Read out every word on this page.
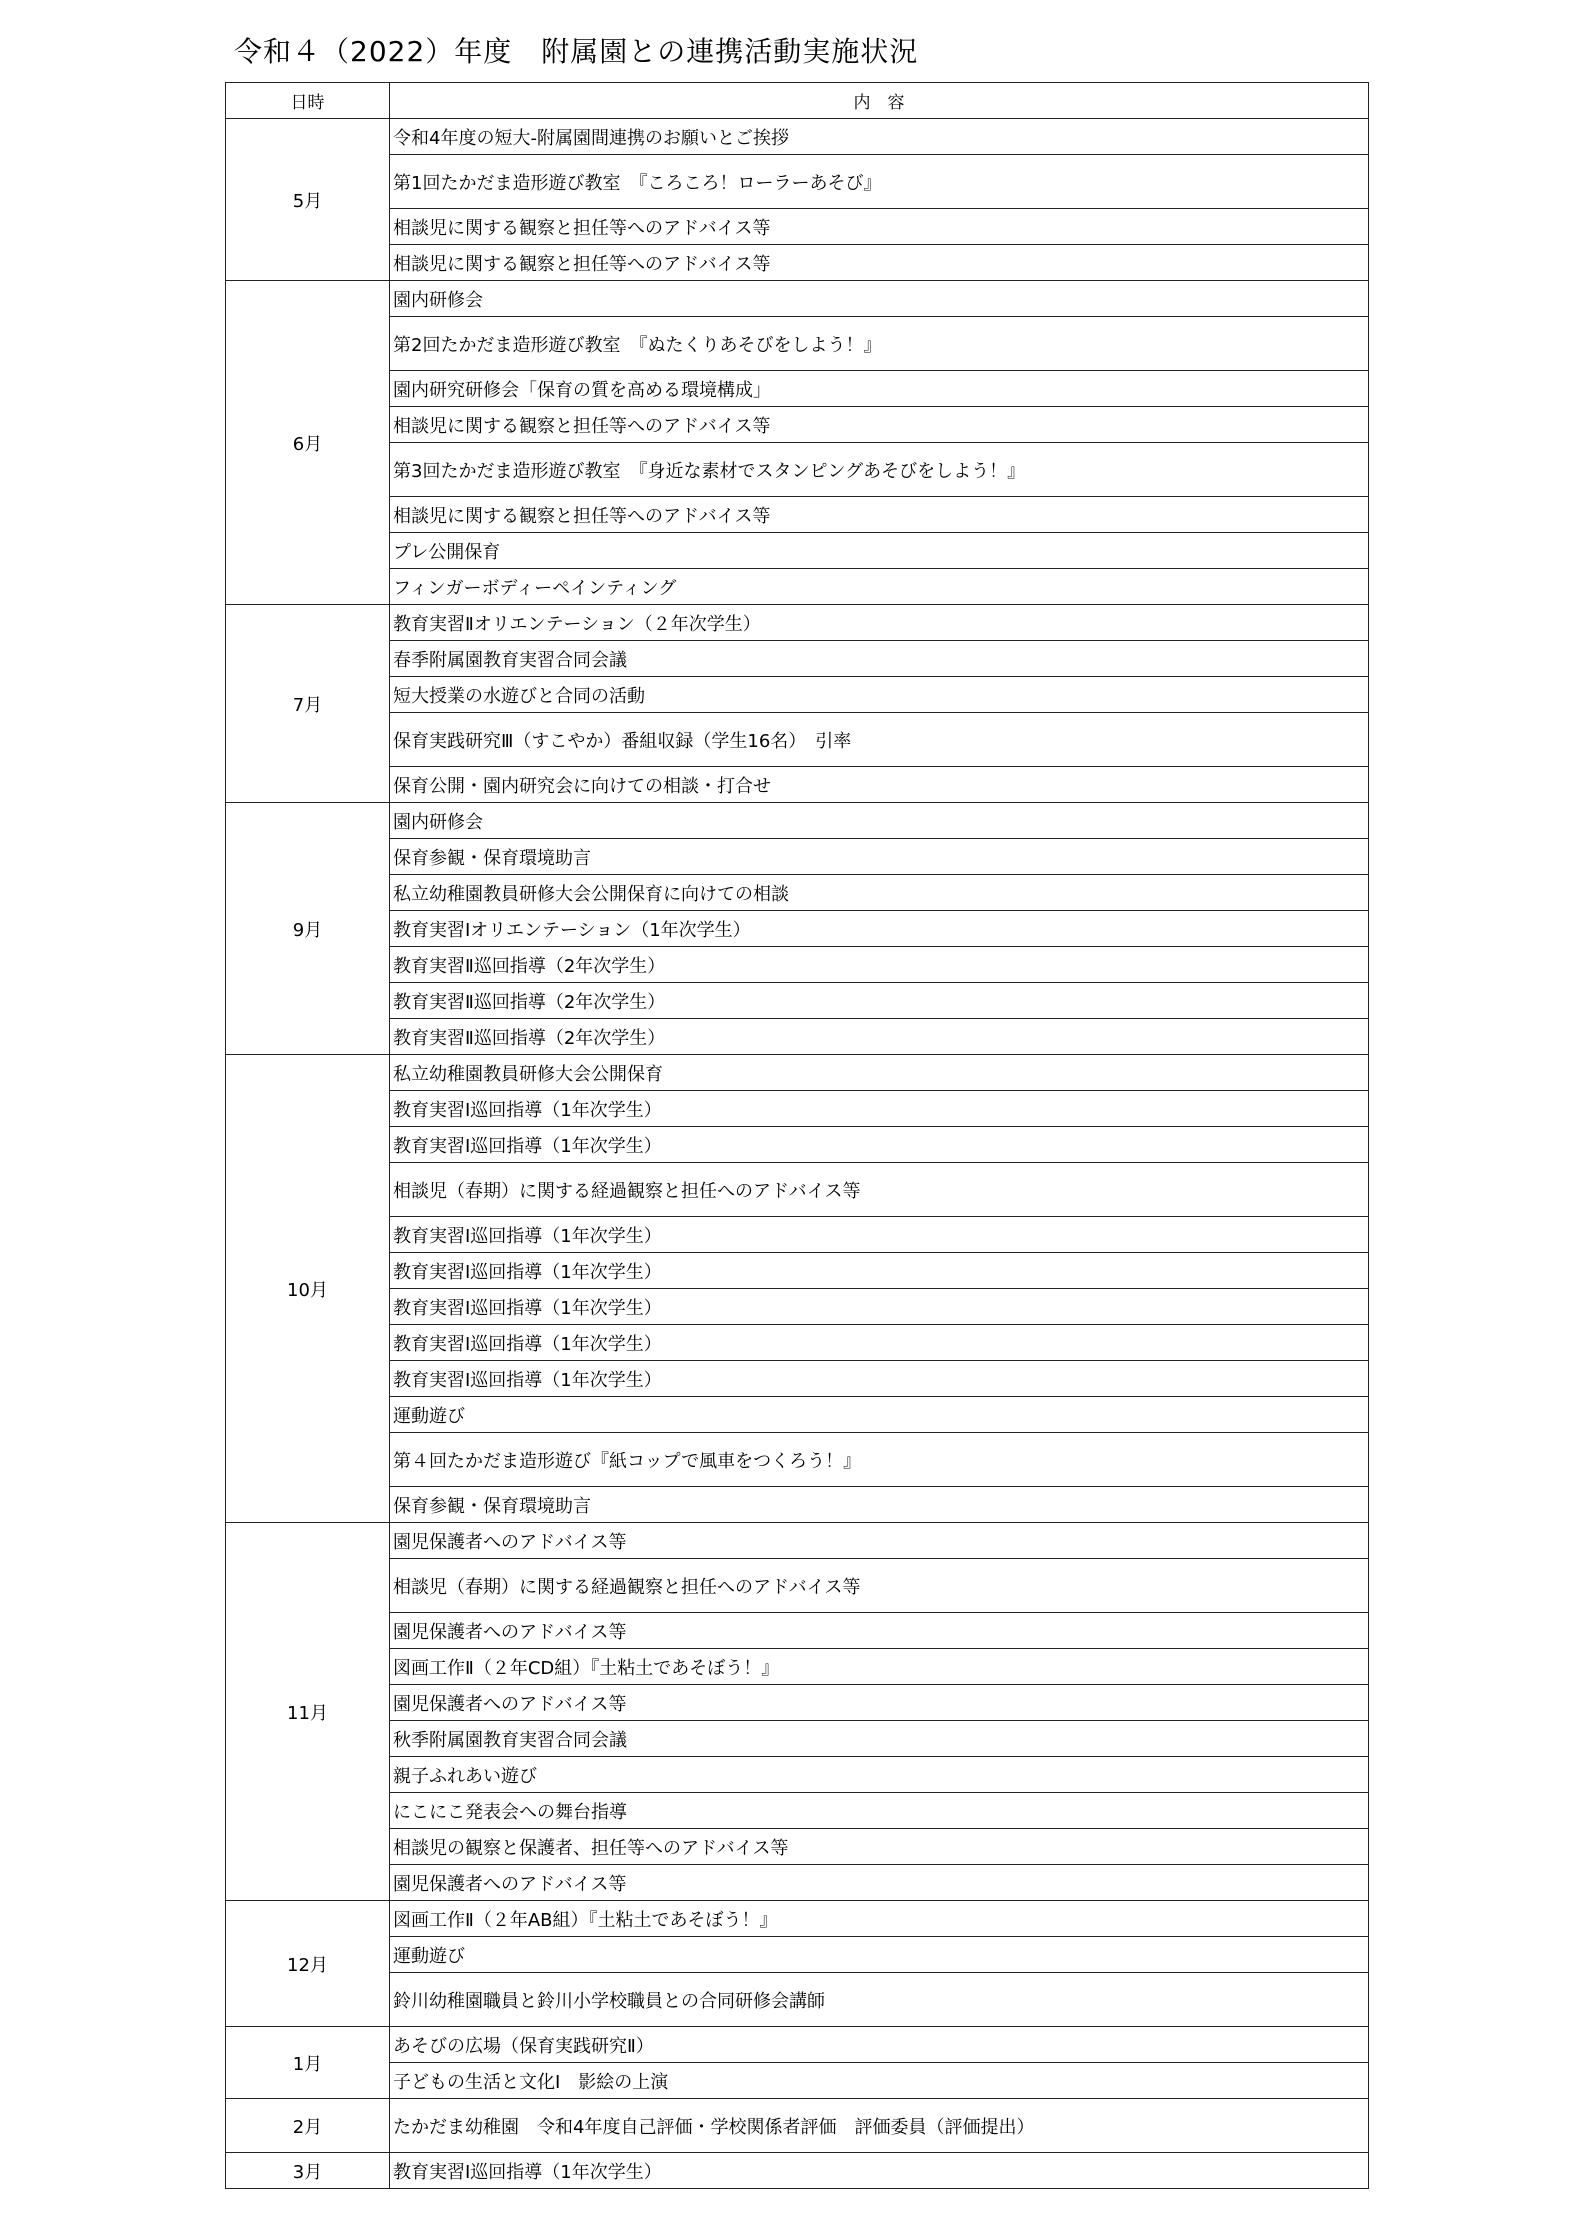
令和４（2022）年度　附属園との連携活動実施状況
日時	内　容
5月	令和4年度の短大-附属園間連携のお願いとご挨拶
	第1回たかだま造形遊び教室　『ころころ！ローラーあそび』
	相談児に関する観察と担任等へのアドバイス等
	相談児に関する観察と担任等へのアドバイス等
6月	園内研修会
	第2回たかだま造形遊び教室　『ぬたくりあそびをしよう！』
	園内研究研修会「保育の質を高める環境構成」
	相談児に関する観察と担任等へのアドバイス等
	第3回たかだま造形遊び教室　『身近な素材でスタンピングあそびをしよう！』
	相談児に関する観察と担任等へのアドバイス等
	プレ公開保育
	フィンガーボディーペインティング
7月	教育実習Ⅱオリエンテーション（２年次学生）
	春季附属園教育実習合同会議
	短大授業の水遊びと合同の活動
	保育実践研究Ⅲ（すこやか）番組収録（学生16名）　引率
	保育公開・園内研究会に向けての相談・打合せ
9月	園内研修会
	保育参観・保育環境助言
	私立幼稚園教員研修大会公開保育に向けての相談
	教育実習Ⅰオリエンテーション（1年次学生）
	教育実習Ⅱ巡回指導（2年次学生）
	教育実習Ⅱ巡回指導（2年次学生）
	教育実習Ⅱ巡回指導（2年次学生）
10月	私立幼稚園教員研修大会公開保育
	教育実習Ⅰ巡回指導（1年次学生）
	教育実習Ⅰ巡回指導（1年次学生）
	相談児（春期）に関する経過観察と担任へのアドバイス等
	教育実習Ⅰ巡回指導（1年次学生）
	教育実習Ⅰ巡回指導（1年次学生）
	教育実習Ⅰ巡回指導（1年次学生）
	教育実習Ⅰ巡回指導（1年次学生）
	教育実習Ⅰ巡回指導（1年次学生）
	運動遊び
	第４回たかだま造形遊び『紙コップで風車をつくろう！』
	保育参観・保育環境助言
11月	園児保護者へのアドバイス等
	相談児（春期）に関する経過観察と担任へのアドバイス等
	園児保護者へのアドバイス等
	図画工作Ⅱ（２年CD組）『土粘土であそぼう！』
	園児保護者へのアドバイス等
	秋季附属園教育実習合同会議
	親子ふれあい遊び
	にこにこ発表会への舞台指導
	相談児の観察と保護者、担任等へのアドバイス等
	園児保護者へのアドバイス等
12月	図画工作Ⅱ（２年AB組）『土粘土であそぼう！』
	運動遊び
	鈴川幼稚園職員と鈴川小学校職員との合同研修会講師
1月	あそびの広場（保育実践研究Ⅱ）
	子どもの生活と文化Ⅰ　影絵の上演
2月	たかだま幼稚園　令和4年度自己評価・学校関係者評価　評価委員（評価提出）
3月	教育実習Ⅰ巡回指導（1年次学生）
